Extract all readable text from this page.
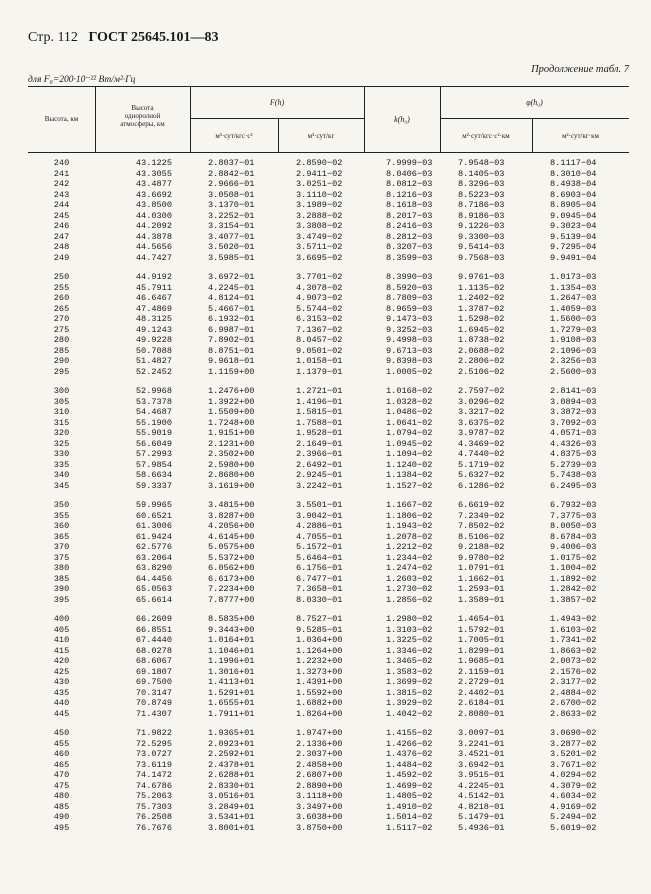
Стр. 112 ГОСТ 25645.101—83
для F₀=200·10⁻²² Вт/м²·Гц
Продолжение табл. 7
Высота, км
Высота
одноролной
атмосферы, км
F(h)
м³·сут/кгс·с²	м³·сут/кг
k(h₀)
φ(h₀)
м²·сут/кгс·с²·км	м²·сут/кг·км
240	43.1225	2.8037−01	2.8590−02	7.9999−03	7.9548−03	8.1117−04
241	43.3055	2.8842−01	2.9411−02	8.0406−03	8.1405−03	8.3010−04
242	43.4877	2.9666−01	3.0251−02	8.0812−03	8.3296−03	8.4938−04
243	43.6692	3.0508−01	3.1110−02	8.1216−03	8.5223−03	8.6903−04
244	43.8500	3.1370−01	3.1989−02	8.1618−03	8.7186−03	8.8905−04
245	44.0300	3.2252−01	3.2888−02	8.2017−03	8.9186−03	9.0945−04
246	44.2092	3.3154−01	3.3808−02	8.2416−03	9.1226−03	9.3023−04
247	44.3878	3.4077−01	3.4749−02	8.2812−03	9.3300−03	9.5139−04
248	44.5656	3.5020−01	3.5711−02	8.3207−03	9.5414−03	9.7295−04
249	44.7427	3.5985−01	3.6695−02	8.3599−03	9.7568−03	9.9491−04

250	44.9192	3.6972−01	3.7701−02	8.3990−03	9.9761−03	1.0173−03
255	45.7911	4.2245−01	4.3078−02	8.5920−03	1.1135−02	1.1354−03
260	46.6467	4.8124−01	4.9073−02	8.7809−03	1.2402−02	1.2647−03
265	47.4869	5.4667−01	5.5744−02	8.9659−03	1.3787−02	1.4059−03
270	48.3125	6.1932−01	6.3153−02	9.1473−03	1.5298−02	1.5600−03
275	49.1243	6.9987−01	7.1367−02	9.3252−03	1.6945−02	1.7279−03
280	49.9228	7.8902−01	8.0457−02	9.4998−03	1.8738−02	1.9108−03
285	50.7088	8.8751−01	9.0501−02	9.6713−03	2.0688−02	2.1096−03
290	51.4827	9.9618−01	1.0158−01	9.8398−03	2.2806−02	2.3256−03
295	52.2452	1.1159+00	1.1379−01	1.0005−02	2.5106−02	2.5600−03

300	52.9968	1.2476+00	1.2721−01	1.0168−02	2.7597−02	2.8141−03
305	53.7378	1.3922+00	1.4196−01	1.0328−02	3.0296−02	3.0894−03
310	54.4687	1.5509+00	1.5815−01	1.0486−02	3.3217−02	3.3872−03
315	55.1900	1.7248+00	1.7588−01	1.0641−02	3.6375−02	3.7092−03
320	55.9019	1.9151+00	1.9528−01	1.0794−02	3.9787−02	4.0571−03
325	56.6049	2.1231+00	2.1649−01	1.0945−02	4.3469−02	4.4326−03
330	57.2993	2.3502+00	2.3966−01	1.1094−02	4.7440−02	4.8375−03
335	57.9854	2.5980+00	2.6492−01	1.1240−02	5.1719−02	5.2739−03
340	58.6634	2.8680+00	2.9245−01	1.1384−02	5.6327−02	5.7438−03
345	59.3337	3.1619+00	3.2242−01	1.1527−02	6.1286−02	6.2495−03

350	59.9965	3.4815+00	3.5501−01	1.1667−02	6.6619−02	6.7932−03
355	60.6521	3.8287+00	3.9042−01	1.1806−02	7.2349−02	7.3775−03
360	61.3006	4.2056+00	4.2886−01	1.1943−02	7.8502−02	8.0050−03
365	61.9424	4.6145+00	4.7055−01	1.2078−02	8.5106−02	8.6784−03
370	62.5776	5.0575+00	5.1572−01	1.2212−02	9.2188−02	9.4006−03
375	63.2064	5.5372+00	5.6464−01	1.2344−02	9.9780−02	1.0175−02
380	63.8290	6.0562+00	6.1756−01	1.2474−02	1.0791−01	1.1004−02
385	64.4456	6.6173+00	6.7477−01	1.2603−02	1.1662−01	1.1892−02
390	65.0563	7.2234+00	7.3658−01	1.2730−02	1.2593−01	1.2842−02
395	65.6614	7.8777+00	8.0330−01	1.2856−02	1.3589−01	1.3857−02

400	66.2609	8.5835+00	8.7527−01	1.2980−02	1.4654−01	1.4943−02
405	66.8551	9.3443+00	9.5285−01	1.3103−02	1.5792−01	1.6103−02
410	67.4440	1.0164+01	1.0364+00	1.3225−02	1.7005−01	1.7341−02
415	68.0278	1.1046+01	1.1264+00	1.3346−02	1.8299−01	1.8663−02
420	68.6067	1.1996+01	1.2232+00	1.3465−02	1.9685−01	2.0073−02
425	69.1807	1.3016+01	1.3273+00	1.3583−02	2.1159−01	2.1576−02
430	69.7500	1.4113+01	1.4391+00	1.3699−02	2.2729−01	2.3177−02
435	70.3147	1.5291+01	1.5592+00	1.3815−02	2.4402−01	2.4884−02
440	70.8749	1.6555+01	1.6882+00	1.3929−02	2.6184−01	2.6700−02
445	71.4307	1.7911+01	1.8264+00	1.4042−02	2.8080−01	2.8633−02

450	71.9822	1.9365+01	1.9747+00	1.4155−02	3.0097−01	3.0690−02
455	72.5295	2.0923+01	2.1336+00	1.4266−02	3.2241−01	3.2877−02
460	73.0727	2.2592+01	2.3037+00	1.4376−02	3.4521−01	3.5201−02
465	73.6119	2.4378+01	2.4858+00	1.4484−02	3.6942−01	3.7671−02
470	74.1472	2.6288+01	2.6807+00	1.4592−02	3.9515−01	4.0294−02
475	74.6786	2.8330+01	2.8890+00	1.4699−02	4.2245−01	4.3079−02
480	75.2063	3.0516+01	3.1118+00	1.4805−02	4.5142−01	4.6034−02
485	75.7303	3.2849+01	3.3497+00	1.4910−02	4.8218−01	4.9169−02
490	76.2508	3.5341+01	3.6038+00	1.5014−02	5.1479−01	5.2494−02
495	76.7676	3.8001+01	3.8750+00	1.5117−02	5.4936−01	5.6019−02
